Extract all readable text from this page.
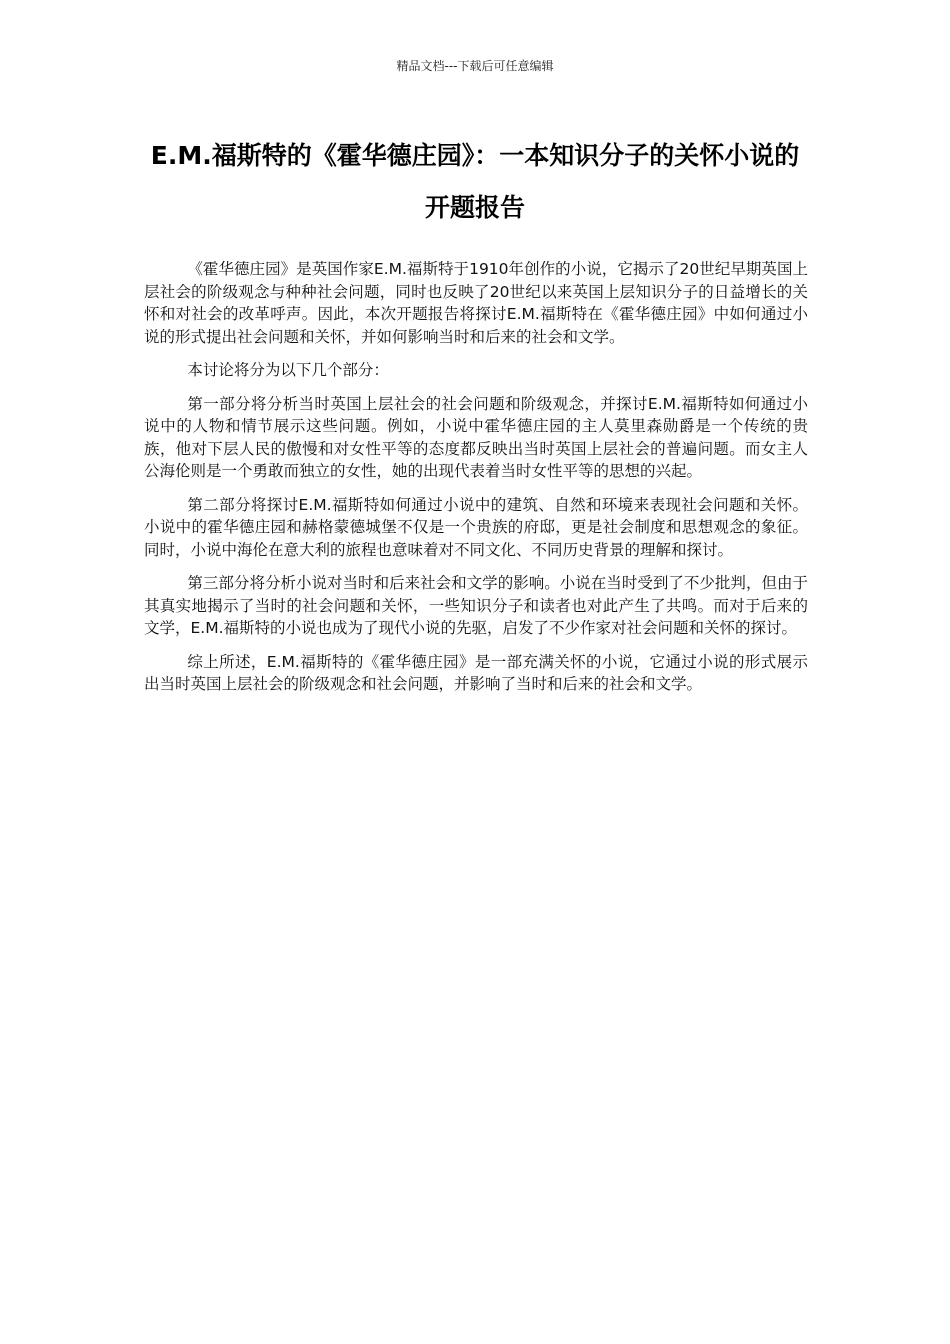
精品文档---下载后可任意编辑
E.M.福斯特的《霍华德庄园》：一本知识分子的关怀小说的开题报告

《霍华德庄园》是英国作家E.M.福斯特于1910年创作的小说，它揭示了20世纪早期英国上层社会的阶级观念与种种社会问题，同时也反映了20世纪以来英国上层知识分子的日益增长的关怀和对社会的改革呼声。因此，本次开题报告将探讨E.M.福斯特在《霍华德庄园》中如何通过小说的形式提出社会问题和关怀，并如何影响当时和后来的社会和文学。

本讨论将分为以下几个部分：

第一部分将分析当时英国上层社会的社会问题和阶级观念，并探讨E.M.福斯特如何通过小说中的人物和情节展示这些问题。例如，小说中霍华德庄园的主人莫里森勋爵是一个传统的贵族，他对下层人民的傲慢和对女性平等的态度都反映出当时英国上层社会的普遍问题。而女主人公海伦则是一个勇敢而独立的女性，她的出现代表着当时女性平等的思想的兴起。

第二部分将探讨E.M.福斯特如何通过小说中的建筑、自然和环境来表现社会问题和关怀。小说中的霍华德庄园和赫格蒙德城堡不仅是一个贵族的府邸，更是社会制度和思想观念的象征。同时，小说中海伦在意大利的旅程也意味着对不同文化、不同历史背景的理解和探讨。

第三部分将分析小说对当时和后来社会和文学的影响。小说在当时受到了不少批判，但由于其真实地揭示了当时的社会问题和关怀，一些知识分子和读者也对此产生了共鸣。而对于后来的文学，E.M.福斯特的小说也成为了现代小说的先驱，启发了不少作家对社会问题和关怀的探讨。

综上所述，E.M.福斯特的《霍华德庄园》是一部充满关怀的小说，它通过小说的形式展示出当时英国上层社会的阶级观念和社会问题，并影响了当时和后来的社会和文学。
